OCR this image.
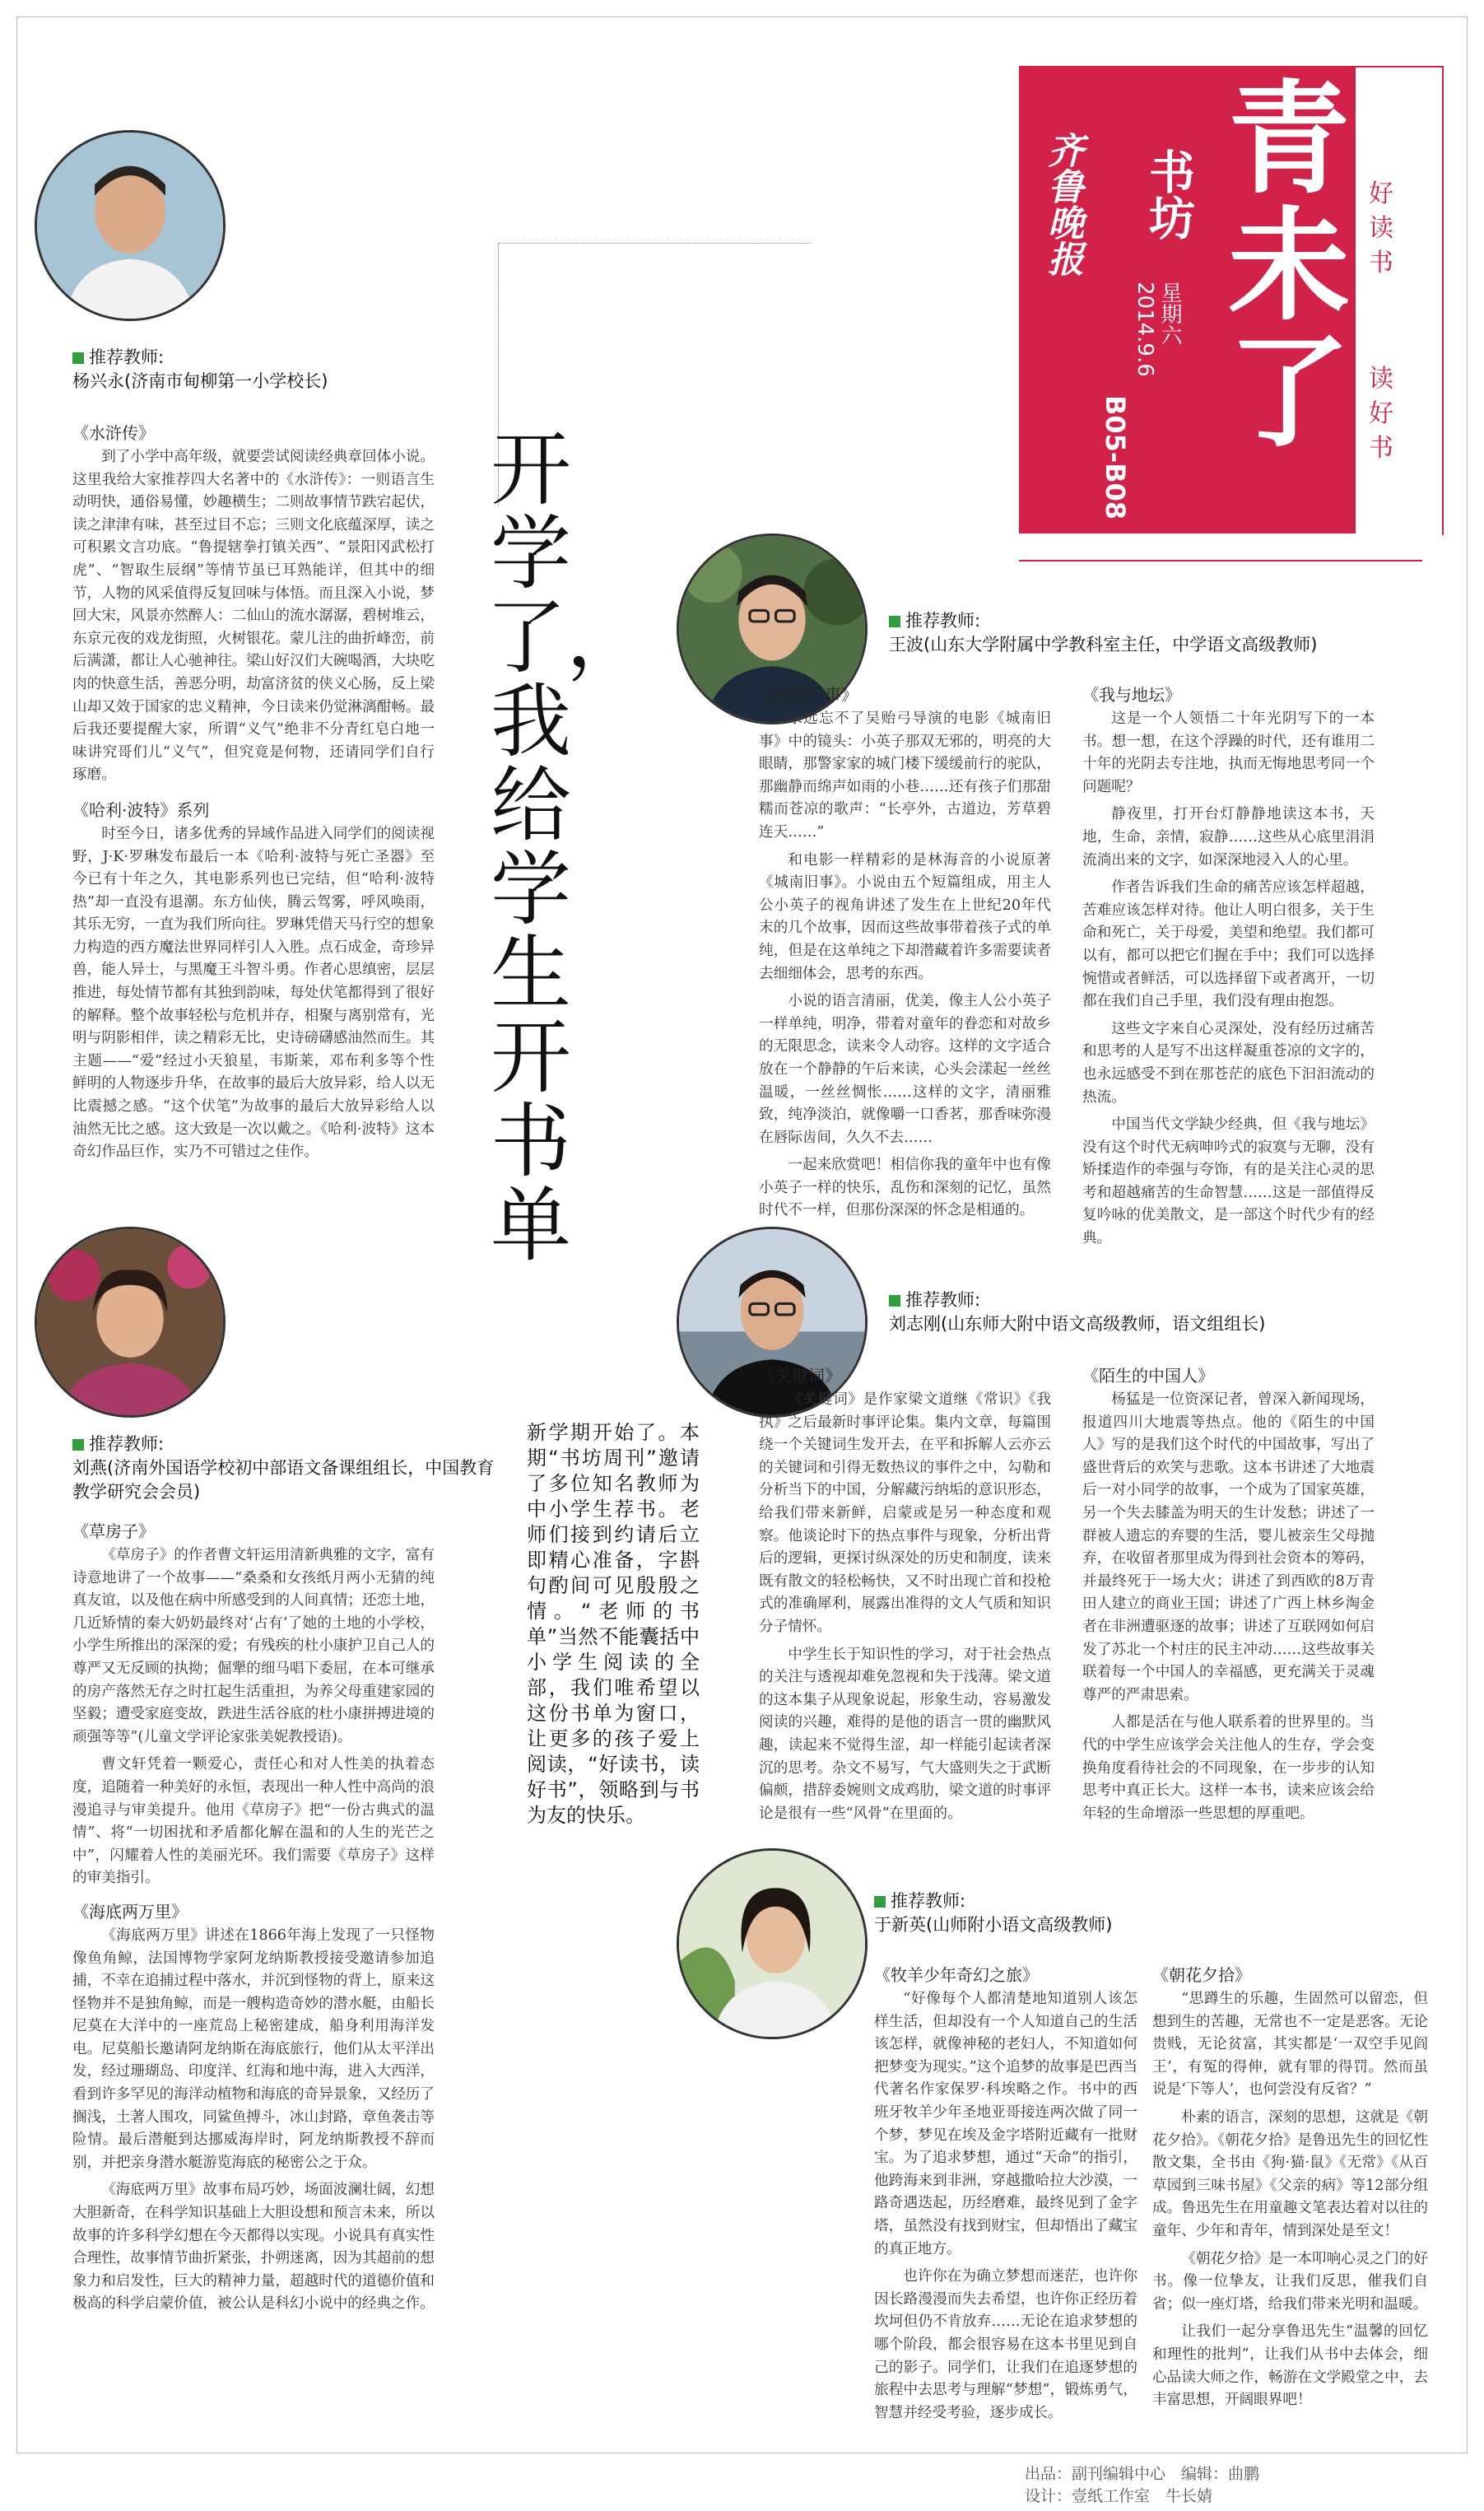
青未了
书坊
星期六
2014.9.6
B05-B08
齐鲁晚报	好读书
读好书
开学了，我给学生开书单
新学期开始了。本期“书坊周刊”邀请了多位知名教师为中小学生荐书。老师们接到约请后立即精心准备，字斟句酌间可见殷殷之情。“老师的书单”当然不能囊括中小学生阅读的全部，我们唯希望以这份书单为窗口，让更多的孩子爱上阅读，“好读书，读好书”，领略到与书为友的快乐。
推荐教师:
杨兴永(济南市甸柳第一小学校长)

《水浒传》

到了小学中高年级，就要尝试阅读经典章回体小说。这里我给大家推荐四大名著中的《水浒传》：一则语言生动明快，通俗易懂，妙趣横生；二则故事情节跌宕起伏，读之津津有味，甚至过目不忘；三则文化底蕴深厚，读之可积累文言功底。“鲁提辖拳打镇关西”、“景阳冈武松打虎”、“智取生辰纲”等情节虽已耳熟能详，但其中的细节，人物的风采值得反复回味与体悟。而且深入小说，梦回大宋，风景亦然醉人：二仙山的流水潺潺，碧树堆云，东京元夜的戏龙街照，火树银花。蒙儿注的曲折峰峦，前后满潇，都让人心驰神往。梁山好汉们大碗喝酒，大块吃肉的快意生活，善恶分明，劫富济贫的侠义心肠，反上梁山却又效于国家的忠义精神，今日读来仍觉淋漓酣畅。最后我还要提醒大家，所谓“义气”绝非不分青红皂白地一味讲究哥们儿“义气”，但究竟是何物，还请同学们自行琢磨。

《哈利·波特》系列

时至今日，诸多优秀的异域作品进入同学们的阅读视野，J·K·罗琳发布最后一本《哈利·波特与死亡圣器》至今已有十年之久，其电影系列也已完结，但“哈利·波特热”却一直没有退潮。东方仙侠，腾云驾雾，呼风唤雨，其乐无穷，一直为我们所向往。罗琳凭借天马行空的想象力构造的西方魔法世界同样引人入胜。点石成金，奇珍异兽，能人异士，与黑魔王斗智斗勇。作者心思缜密，层层推进，每处情节都有其独到韵味，每处伏笔都得到了很好的解释。整个故事轻松与危机并存，相聚与离别常有，光明与阴影相伴，读之精彩无比，史诗磅礴感油然而生。其主题——“爱”经过小天狼星，韦斯莱，邓布利多等个性鲜明的人物逐步升华，在故事的最后大放异彩，给人以无比震撼之感。“这个伏笔”为故事的最后大放异彩给人以油然无比之感。这大致是一次以戴之。《哈利·波特》这本奇幻作品巨作，实乃不可错过之佳作。

推荐教师:
刘燕(济南外国语学校初中部语文备课组组长，中国教育教学研究会会员)

《草房子》

《草房子》的作者曹文轩运用清新典雅的文字，富有诗意地讲了一个故事——“桑桑和女孩纸月两小无猜的纯真友谊，以及他在病中所感受到的人间真情；还恋土地，几近矫情的秦大奶奶最终对‘占有’了她的土地的小学校，小学生所推出的深深的爱；有残疾的杜小康护卫自己人的尊严又无反顾的执拗；倔犟的细马唱下委屈，在本可继承的房产落然无存之时扛起生活重担，为养父母重建家园的坚毅；遭受家庭变故，跌进生活谷底的杜小康拼搏进境的顽强等等”(儿童文学评论家张美妮教授语)。

曹文轩凭着一颗爱心，责任心和对人性美的执着态度，追随着一种美好的永恒，表现出一种人性中高尚的浪漫追寻与审美提升。他用《草房子》把“一份古典式的温情”、将“一切困扰和矛盾都化解在温和的人生的光芒之中”，闪耀着人性的美丽光环。我们需要《草房子》这样的审美指引。

《海底两万里》

《海底两万里》讲述在1866年海上发现了一只怪物像鱼角鲸，法国博物学家阿龙纳斯教授接受邀请参加追捕，不幸在追捕过程中落水，并沉到怪物的背上，原来这怪物并不是独角鲸，而是一艘构造奇妙的潜水艇，由船长尼莫在大洋中的一座荒岛上秘密建成，船身利用海洋发电。尼莫船长邀请阿龙纳斯在海底旅行，他们从太平洋出发，经过珊瑚岛、印度洋、红海和地中海，进入大西洋，看到许多罕见的海洋动植物和海底的奇异景象，又经历了搁浅，土著人围攻，同鲨鱼搏斗，冰山封路，章鱼袭击等险情。最后潜艇到达挪威海岸时，阿龙纳斯教授不辞而别，并把亲身潜水艇游览海底的秘密公之于众。

《海底两万里》故事布局巧妙，场面波澜壮阔，幻想大胆新奇，在科学知识基础上大胆设想和预言未来，所以故事的许多科学幻想在今天都得以实现。小说具有真实性合理性，故事情节曲折紧张，扑朔迷离，因为其超前的想象力和启发性，巨大的精神力量，超越时代的道德价值和极高的科学启蒙价值，被公认是科幻小说中的经典之作。

推荐教师:
王波(山东大学附属中学教科室主任，中学语文高级教师)

《城南旧事》

永远忘不了吴贻弓导演的电影《城南旧事》中的镜头：小英子那双无邪的，明亮的大眼睛，那警家家的城门楼下缓缓前行的驼队，那幽静而绵声如雨的小巷……还有孩子们那甜糯而苍凉的歌声：“长亭外，古道边，芳草碧连天……”

和电影一样精彩的是林海音的小说原著《城南旧事》。小说由五个短篇组成，用主人公小英子的视角讲述了发生在上世纪20年代末的几个故事，因而这些故事带着孩子式的单纯，但是在这单纯之下却潜藏着许多需要读者去细细体会，思考的东西。

小说的语言清丽，优美，像主人公小英子一样单纯，明净，带着对童年的眷恋和对故乡的无限思念，读来令人动容。这样的文字适合放在一个静静的午后来读，心头会漾起一丝丝温暖，一丝丝惆怅……这样的文字，清丽雅致，纯净淡泊，就像嚼一口香茗，那香味弥漫在唇际齿间，久久不去……

一起来欣赏吧！相信你我的童年中也有像小英子一样的快乐，乱伤和深刻的记忆，虽然时代不一样，但那份深深的怀念是相通的。

《我与地坛》

这是一个人领悟二十年光阴写下的一本书。想一想，在这个浮躁的时代，还有谁用二十年的光阴去专注地，执而无悔地思考同一个问题呢？

静夜里，打开台灯静静地读这本书，天地，生命，亲情，寂静……这些从心底里涓涓流淌出来的文字，如深深地浸入人的心里。

作者告诉我们生命的痛苦应该怎样超越，苦难应该怎样对待。他让人明白很多，关于生命和死亡，关于母爱，美望和绝望。我们都可以有，都可以把它们握在手中；我们可以选择惋惜或者鲜活，可以选择留下或者离开，一切都在我们自己手里，我们没有理由抱怨。

这些文字来自心灵深处，没有经历过痛苦和思考的人是写不出这样凝重苍凉的文字的，也永远感受不到在那苍茫的底色下汩汩流动的热流。

中国当代文学缺少经典，但《我与地坛》没有这个时代无病呻吟式的寂寞与无聊，没有矫揉造作的牵强与夸饰，有的是关注心灵的思考和超越痛苦的生命智慧……这是一部值得反复吟咏的优美散文，是一部这个时代少有的经典。

推荐教师:
刘志刚(山东师大附中语文高级教师，语文组组长)

《关键词》

《关键词》是作家梁文道继《常识》《我执》之后最新时事评论集。集内文章，每篇围绕一个关键词生发开去，在平和拆解人云亦云的关键词和引得无数热议的事件之中，勾勒和分析当下的中国，分解藏污纳垢的意识形态，给我们带来新鲜，启蒙或是另一种态度和观察。他谈论时下的热点事件与现象，分析出背后的逻辑，更探讨纵深处的历史和制度，读来既有散文的轻松畅快，又不时出现亡首和投枪式的准确犀利，展露出准得的文人气质和知识分子情怀。

中学生长于知识性的学习，对于社会热点的关注与透视却难免忽视和失于浅薄。梁文道的这本集子从现象说起，形象生动，容易激发阅读的兴趣，难得的是他的语言一贯的幽默风趣，读起来不觉得生涩，却一样能引起读者深沉的思考。杂文不易写，气大盛则失之于武断偏颇，措辞委婉则文成鸡肋，梁文道的时事评论是很有一些“风骨”在里面的。

《陌生的中国人》

杨猛是一位资深记者，曾深入新闻现场，报道四川大地震等热点。他的《陌生的中国人》写的是我们这个时代的中国故事，写出了盛世背后的欢笑与悲歌。这本书讲述了大地震后一对小同学的故事，一个成为了国家英雄，另一个失去膝盖为明天的生计发愁；讲述了一群被人遗忘的弃婴的生活，婴儿被亲生父母抛弃，在收留者那里成为得到社会资本的筹码，并最终死于一场大火；讲述了到西欧的8万青田人建立的商业王国；讲述了广西上林乡淘金者在非洲遭驱逐的故事；讲述了互联网如何启发了苏北一个村庄的民主冲动……这些故事关联着每一个中国人的幸福感，更充满关于灵魂尊严的严肃思索。

人都是活在与他人联系着的世界里的。当代的中学生应该学会关注他人的生存，学会变换角度看待社会的不同现象，在一步步的认知思考中真正长大。这样一本书，读来应该会给年轻的生命增添一些思想的厚重吧。

推荐教师:
于新英(山师附小语文高级教师)

《牧羊少年奇幻之旅》

“好像每个人都清楚地知道别人该怎样生活，但却没有一个人知道自己的生活该怎样，就像神秘的老妇人，不知道如何把梦变为现实。”这个追梦的故事是巴西当代著名作家保罗·科埃略之作。书中的西班牙牧羊少年圣地亚哥接连两次做了同一个梦，梦见在埃及金字塔附近藏有一批财宝。为了追求梦想，通过“天命”的指引，他跨海来到非洲，穿越撒哈拉大沙漠，一路奇遇迭起，历经磨难，最终见到了金字塔，虽然没有找到财宝，但却悟出了藏宝的真正地方。

也许你在为确立梦想而迷茫，也许你因长路漫漫而失去希望，也许你正经历着坎坷但仍不肯放弃……无论在追求梦想的哪个阶段，都会很容易在这本书里见到自己的影子。同学们，让我们在追逐梦想的旅程中去思考与理解“梦想”，锻炼勇气，智慧并经受考验，逐步成长。

《朝花夕拾》

“思蹲生的乐趣，生固然可以留恋，但想到生的苦趣，无常也不一定是恶客。无论贵贱，无论贫富，其实都是‘一双空手见阎王’，有冤的得伸，就有罪的得罚。然而虽说是‘下等人’，也何尝没有反省？”

朴素的语言，深刻的思想，这就是《朝花夕拾》。《朝花夕拾》是鲁迅先生的回忆性散文集，全书由《狗·猫·鼠》《无常》《从百草园到三味书屋》《父亲的病》等12部分组成。鲁迅先生在用童趣文笔表达着对以往的童年、少年和青年，情到深处是至文！

《朝花夕拾》是一本叩响心灵之门的好书。像一位挚友，让我们反思，催我们自省；似一座灯塔，给我们带来光明和温暖。

让我们一起分享鲁迅先生“温馨的回忆和理性的批判”，让我们从书中去体会，细心品读大师之作，畅游在文学殿堂之中，去丰富思想，开阔眼界吧！

出品：副刊编辑中心　编辑：曲鹏
设计：壹纸工作室　牛长婧
